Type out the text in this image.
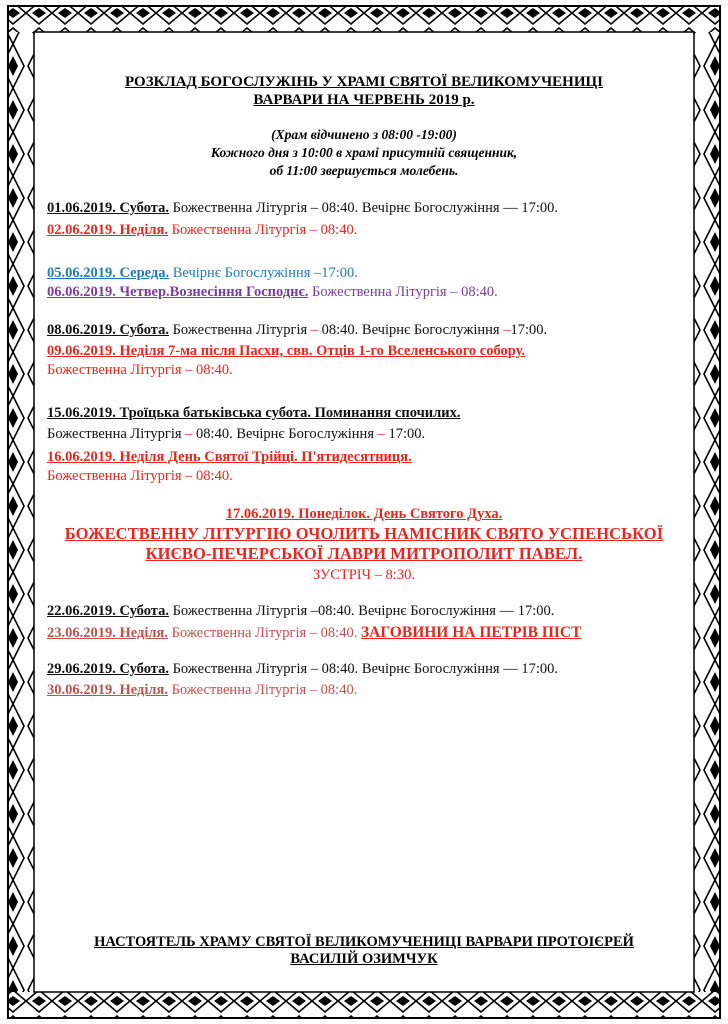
РОЗКЛАД БОГОСЛУЖІНЬ У ХРАМІ СВЯТОЇ ВЕЛИКОМУЧЕНИЦІ
ВАРВАРИ НА ЧЕРВЕНЬ 2019 р.
(Храм відчинено з 08:00 -19:00)
Кожного дня з 10:00 в храмі присутній священник,
об 11:00 звершується молебень.
01.06.2019. Субота. Божественна Літургія – 08:40. Вечірнє Богослужіння — 17:00.
02.06.2019. Неділя. Божественна Літургія – 08:40.
05.06.2019. Середа. Вечірнє Богослужіння –17:00.
06.06.2019. Четвер.Вознесіння Господнє. Божественна Літургія – 08:40.
08.06.2019. Субота. Божественна Літургія – 08:40. Вечірнє Богослужіння –17:00.
09.06.2019. Неділя 7-ма після Пасхи, свв. Отців 1-го Вселенського собору.
Божественна Літургія – 08:40.
15.06.2019. Троїцька батьківська субота. Поминання спочилих.
Божественна Літургія – 08:40. Вечірнє Богослужіння – 17:00.
16.06.2019. Неділя День Святої Трійці. П'ятидесятниця.
Божественна Літургія – 08:40.
17.06.2019. Понеділок. День Святого Духа.
БОЖЕСТВЕННУ ЛІТУРГІЮ ОЧОЛИТЬ НАМІСНИК СВЯТО УСПЕНСЬКОЇ
КИЄВО-ПЕЧЕРСЬКОЇ ЛАВРИ МИТРОПОЛИТ ПАВЕЛ.
ЗУСТРІЧ – 8:30.
22.06.2019. Субота. Божественна Літургія –08:40. Вечірнє Богослужіння — 17:00.
23.06.2019. Неділя. Божественна Літургія – 08:40. ЗАГОВИНИ НА ПЕТРІВ ПІСТ
29.06.2019. Субота. Божественна Літургія – 08:40. Вечірнє Богослужіння — 17:00.
30.06.2019. Неділя. Божественна Літургія – 08:40.
НАСТОЯТЕЛЬ ХРАМУ СВЯТОЇ ВЕЛИКОМУЧЕНИЦІ ВАРВАРИ ПРОТОІЄРЕЙ
ВАСИЛІЙ ОЗИМЧУК
